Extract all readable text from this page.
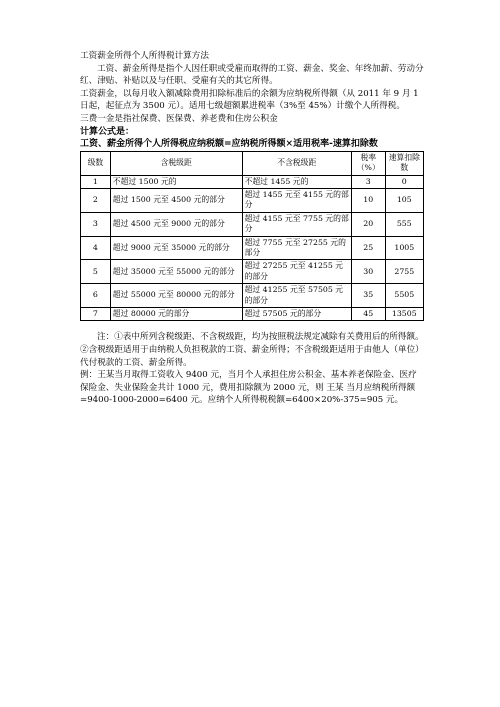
工资薪金所得个人所得税计算方法

工资、薪金所得是指个人因任职或受雇而取得的工资、薪金、奖金、年终加薪、劳动分红、津贴、补贴以及与任职、受雇有关的其它所得。

工资薪金，以每月收入额减除费用扣除标准后的余额为应纳税所得额（从 2011 年 9 月 1 日起，起征点为 3500 元）。适用七级超额累进税率（3%至 45%）计缴个人所得税。

三费一金是指社保费、医保费、养老费和住房公积金

计算公式是：

工资、薪金所得个人所得税应纳税额=应纳税所得额×适用税率-速算扣除数

级数	含税级距	不含税级距	税率（%）	速算扣除数
1	不超过 1500 元的	不超过 1455 元的	3	0
2	超过 1500 元至 4500 元的部分	超过 1455 元至 4155 元的部分	10	105
3	超过 4500 元至 9000 元的部分	超过 4155 元至 7755 元的部分	20	555
4	超过 9000 元至 35000 元的部分	超过 7755 元至 27255 元的部分	25	1005
5	超过 35000 元至 55000 元的部分	超过 27255 元至 41255 元的部分	30	2755
6	超过 55000 元至 80000 元的部分	超过 41255 元至 57505 元的部分	35	5505
7	超过 80000 元的部分	超过 57505 元的部分	45	13505

注：①表中所列含税级距、不含税级距，均为按照税法规定减除有关费用后的所得额。②含税级距适用于由纳税人负担税款的工资、薪金所得；不含税级距适用于由他人（单位）代付税款的工资、薪金所得。

例：王某当月取得工资收入 9400 元，当月个人承担住房公积金、基本养老保险金、医疗保险金、失业保险金共计 1000 元，费用扣除额为 2000 元，则 王某 当月应纳税所得额=9400-1000-2000=6400 元。应纳个人所得税税额=6400×20%-375=905 元。
